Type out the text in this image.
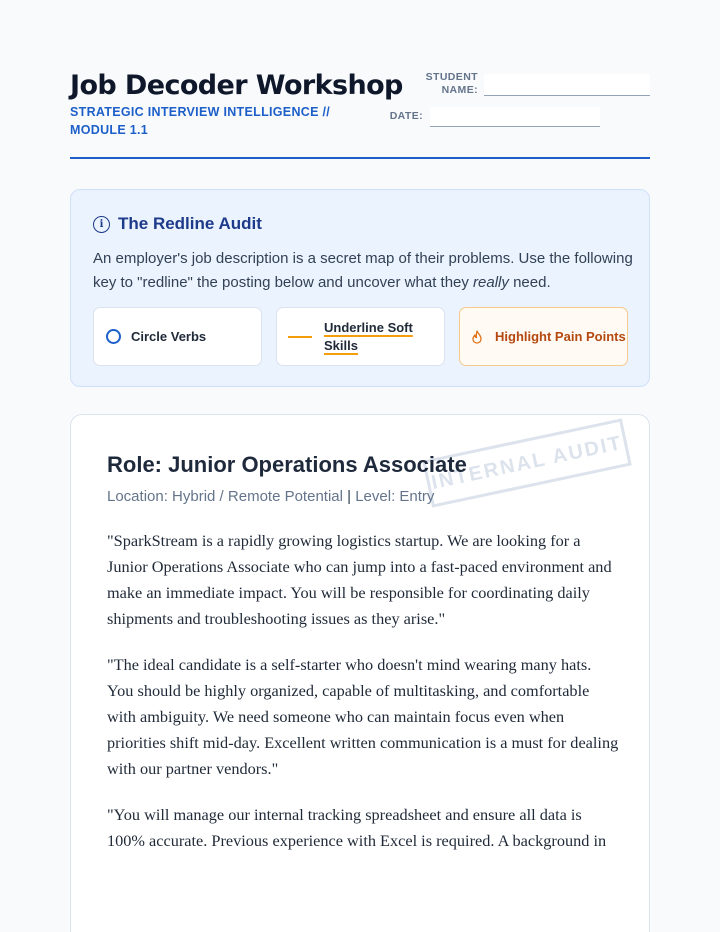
Job Decoder Workshop
STRATEGIC INTERVIEW INTELLIGENCE // MODULE 1.1
STUDENT NAME:
DATE:
i The Redline Audit
An employer's job description is a secret map of their problems. Use the following key to "redline" the posting below and uncover what they really need.
Circle Verbs
Underline Soft Skills
Highlight Pain Points
INTERNAL AUDIT
Role: Junior Operations Associate
Location: Hybrid / Remote Potential | Level: Entry
"SparkStream is a rapidly growing logistics startup. We are looking for a Junior Operations Associate who can jump into a fast-paced environment and make an immediate impact. You will be responsible for coordinating daily shipments and troubleshooting issues as they arise."
"The ideal candidate is a self-starter who doesn't mind wearing many hats. You should be highly organized, capable of multitasking, and comfortable with ambiguity. We need someone who can maintain focus even when priorities shift mid-day. Excellent written communication is a must for dealing with our partner vendors."
"You will manage our internal tracking spreadsheet and ensure all data is 100% accurate. Previous experience with Excel is required. A background in
